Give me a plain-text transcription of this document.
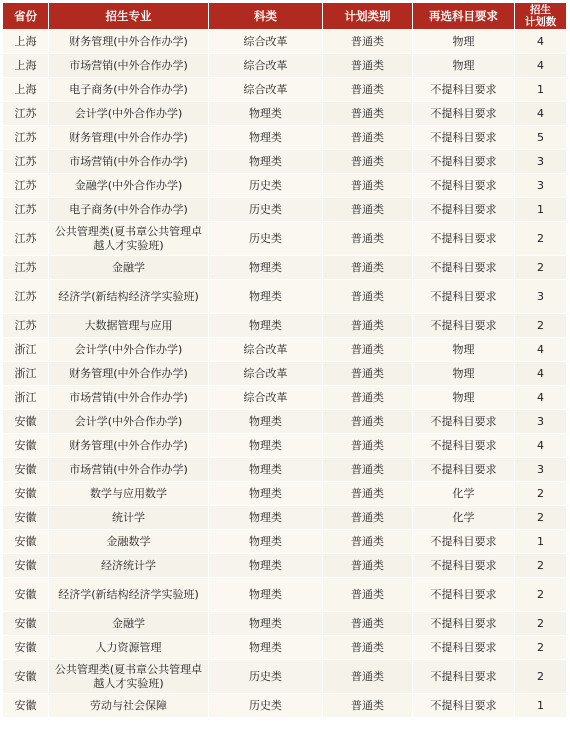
省份	招生专业	科类	计划类别	再选科目要求	招生
计划数
上海	财务管理(中外合作办学)	综合改革	普通类	物理	4
上海	市场营销(中外合作办学)	综合改革	普通类	物理	4
上海	电子商务(中外合作办学)	综合改革	普通类	不提科目要求	1
江苏	会计学(中外合作办学)	物理类	普通类	不提科目要求	4
江苏	财务管理(中外合作办学)	物理类	普通类	不提科目要求	5
江苏	市场营销(中外合作办学)	物理类	普通类	不提科目要求	3
江苏	金融学(中外合作办学)	历史类	普通类	不提科目要求	3
江苏	电子商务(中外合作办学)	历史类	普通类	不提科目要求	1
江苏	公共管理类(夏书章公共管理卓越人才实验班)	历史类	普通类	不提科目要求	2
江苏	金融学	物理类	普通类	不提科目要求	2
江苏	经济学(新结构经济学实验班)	物理类	普通类	不提科目要求	3
江苏	大数据管理与应用	物理类	普通类	不提科目要求	2
浙江	会计学(中外合作办学)	综合改革	普通类	物理	4
浙江	财务管理(中外合作办学)	综合改革	普通类	物理	4
浙江	市场营销(中外合作办学)	综合改革	普通类	物理	4
安徽	会计学(中外合作办学)	物理类	普通类	不提科目要求	3
安徽	财务管理(中外合作办学)	物理类	普通类	不提科目要求	4
安徽	市场营销(中外合作办学)	物理类	普通类	不提科目要求	3
安徽	数学与应用数学	物理类	普通类	化学	2
安徽	统计学	物理类	普通类	化学	2
安徽	金融数学	物理类	普通类	不提科目要求	1
安徽	经济统计学	物理类	普通类	不提科目要求	2
安徽	经济学(新结构经济学实验班)	物理类	普通类	不提科目要求	2
安徽	金融学	物理类	普通类	不提科目要求	2
安徽	人力资源管理	物理类	普通类	不提科目要求	2
安徽	公共管理类(夏书章公共管理卓越人才实验班)	历史类	普通类	不提科目要求	2
安徽	劳动与社会保障	历史类	普通类	不提科目要求	1
